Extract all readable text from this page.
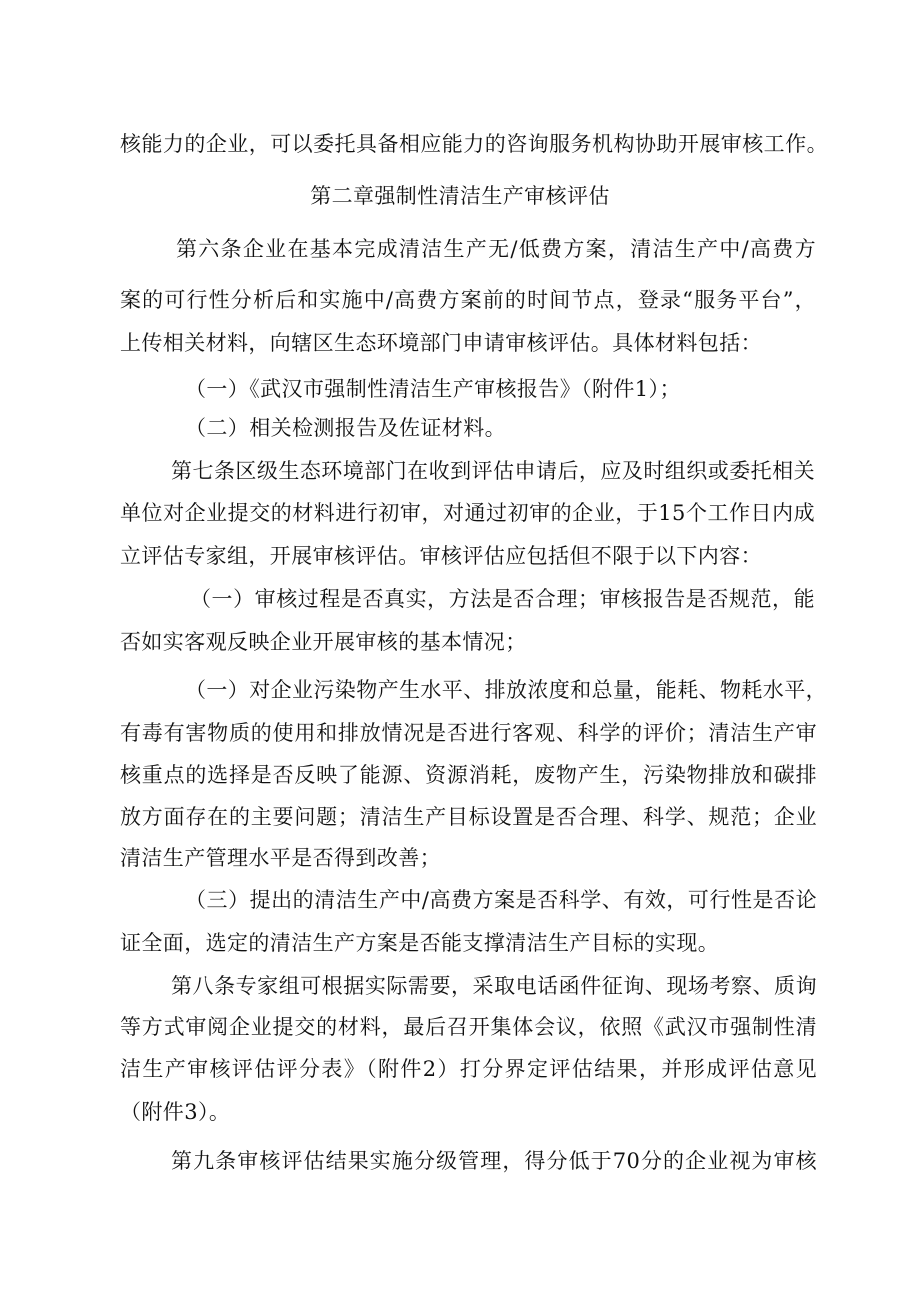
核能力的企业，可以委托具备相应能力的咨询服务机构协助开展审核工作。
第二章强制性清洁生产审核评估
第六条企业在基本完成清洁生产无/低费方案，清洁生产中/高费方
案的可行性分析后和实施中/高费方案前的时间节点，登录“服务平台”，
上传相关材料，向辖区生态环境部门申请审核评估。具体材料包括：
（一）《武汉市强制性清洁生产审核报告》（附件1）；
（二）相关检测报告及佐证材料。
第七条区级生态环境部门在收到评估申请后，应及时组织或委托相关
单位对企业提交的材料进行初审，对通过初审的企业，于15个工作日内成
立评估专家组，开展审核评估。审核评估应包括但不限于以下内容：
（一）审核过程是否真实，方法是否合理；审核报告是否规范，能
否如实客观反映企业开展审核的基本情况；
（一）对企业污染物产生水平、排放浓度和总量，能耗、物耗水平，
有毒有害物质的使用和排放情况是否进行客观、科学的评价；清洁生产审
核重点的选择是否反映了能源、资源消耗，废物产生，污染物排放和碳排
放方面存在的主要问题；清洁生产目标设置是否合理、科学、规范；企业
清洁生产管理水平是否得到改善；
（三）提出的清洁生产中/高费方案是否科学、有效，可行性是否论
证全面，选定的清洁生产方案是否能支撑清洁生产目标的实现。
第八条专家组可根据实际需要，采取电话函件征询、现场考察、质询
等方式审阅企业提交的材料，最后召开集体会议，依照《武汉市强制性清
洁生产审核评估评分表》（附件2）打分界定评估结果，并形成评估意见
（附件3）。
第九条审核评估结果实施分级管理，得分低于70分的企业视为审核
